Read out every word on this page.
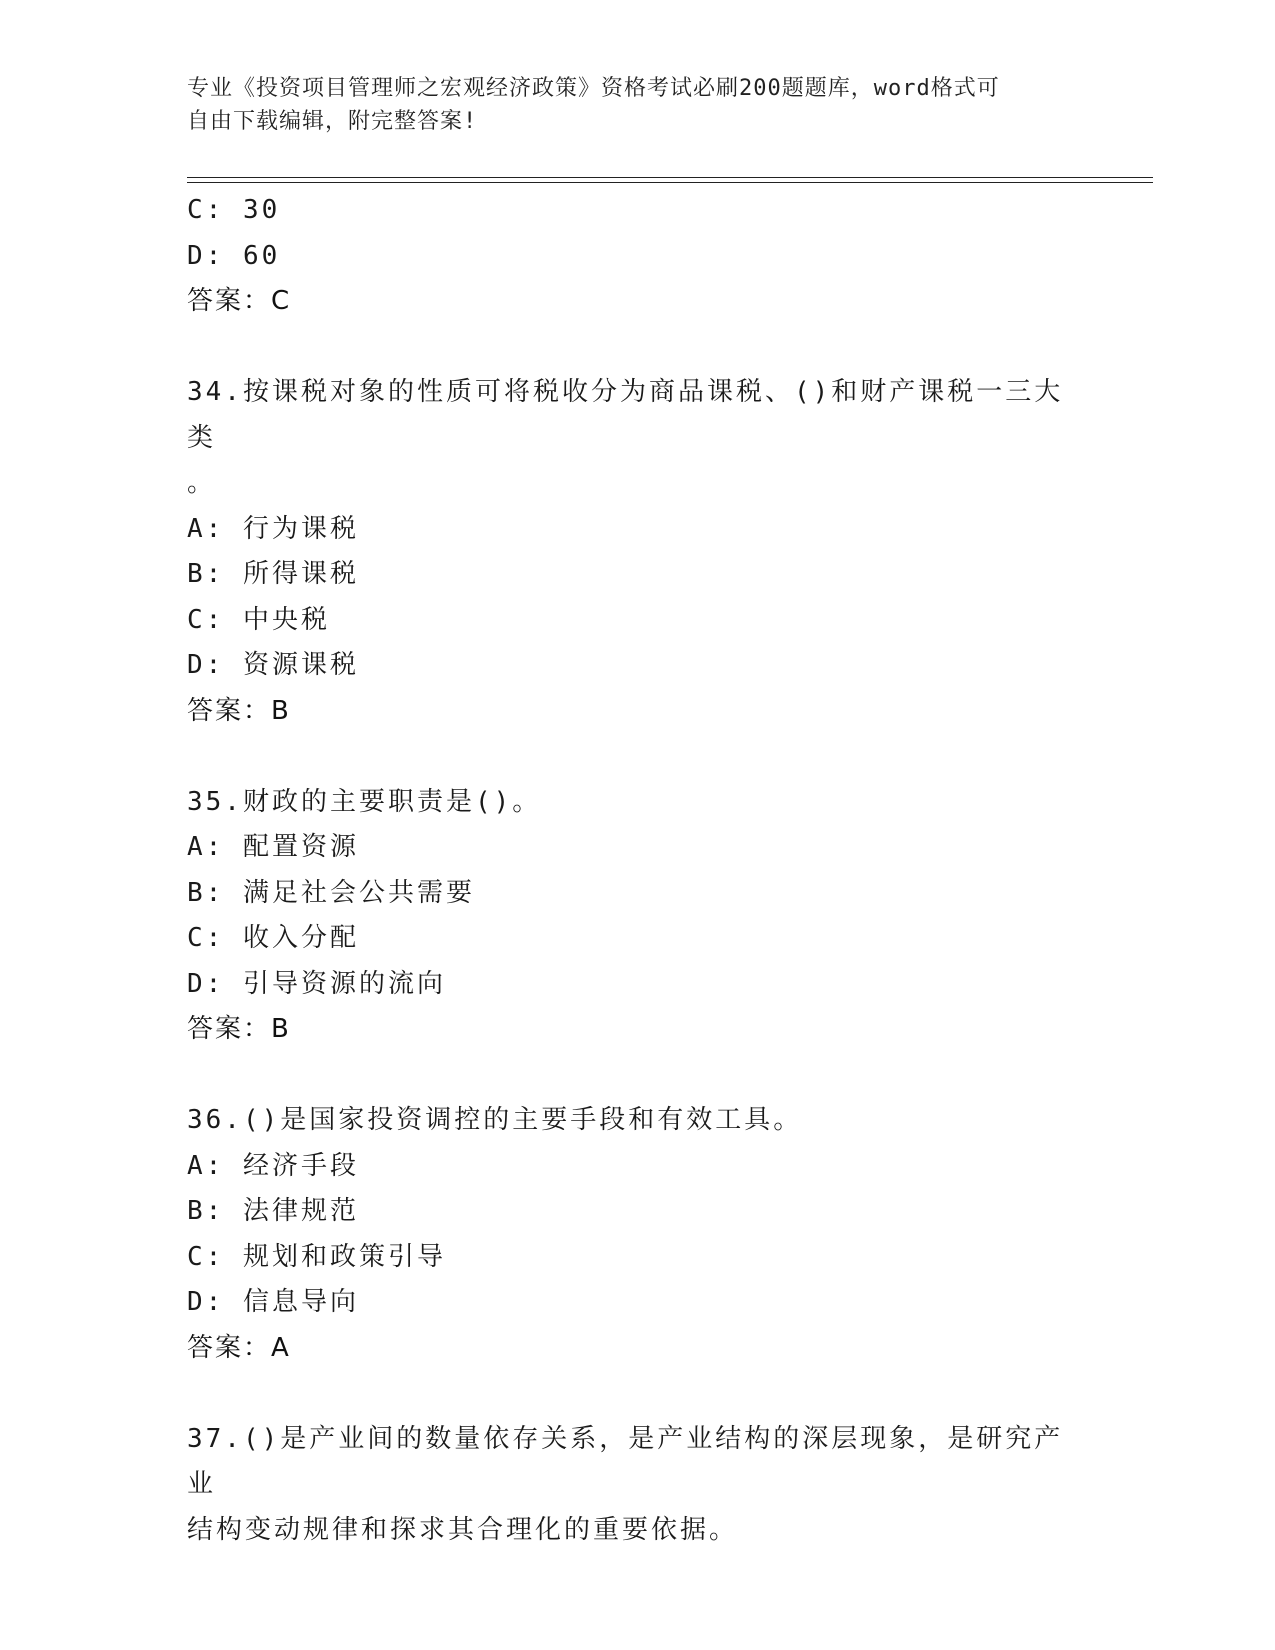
专业《投资项目管理师之宏观经济政策》资格考试必刷200题题库，word格式可
自由下载编辑，附完整答案!
C: 30
D: 60
答案：C
34.按课税对象的性质可将税收分为商品课税、()和财产课税一三大类
。
A: 行为课税
B: 所得课税
C: 中央税
D: 资源课税
答案：B
35.财政的主要职责是()。
A: 配置资源
B: 满足社会公共需要
C: 收入分配
D: 引导资源的流向
答案：B
36.()是国家投资调控的主要手段和有效工具。
A: 经济手段
B: 法律规范
C: 规划和政策引导
D: 信息导向
答案：A
37.()是产业间的数量依存关系，是产业结构的深层现象，是研究产业
结构变动规律和探求其合理化的重要依据。
